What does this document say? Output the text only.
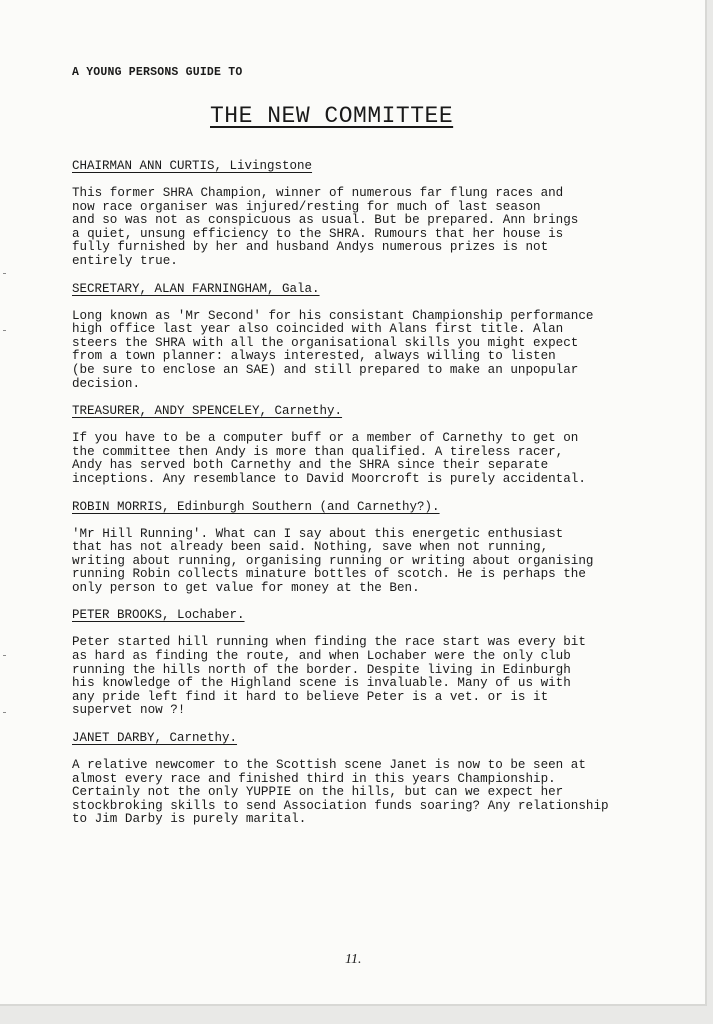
A YOUNG PERSONS GUIDE TO

THE NEW COMMITTEE

CHAIRMAN ANN CURTIS, Livingstone

This former SHRA Champion, winner of numerous far flung races and
now race organiser was injured/resting for much of last season
and so was not as conspicuous as usual. But be prepared. Ann brings
a quiet, unsung efficiency to the SHRA. Rumours that her house is
fully furnished by her and husband Andys numerous prizes is not
entirely true.

SECRETARY, ALAN FARNINGHAM, Gala.

Long known as 'Mr Second' for his consistant Championship performance
high office last year also coincided with Alans first title. Alan
steers the SHRA with all the organisational skills you might expect
from a town planner: always interested, always willing to listen
(be sure to enclose an SAE) and still prepared to make an unpopular
decision.

TREASURER, ANDY SPENCELEY, Carnethy.

If you have to be a computer buff or a member of Carnethy to get on
the committee then Andy is more than qualified. A tireless racer,
Andy has served both Carnethy and the SHRA since their separate
inceptions. Any resemblance to David Moorcroft is purely accidental.

ROBIN MORRIS, Edinburgh Southern (and Carnethy?).

'Mr Hill Running'. What can I say about this energetic enthusiast
that has not already been said. Nothing, save when not running,
writing about running, organising running or writing about organising
running Robin collects minature bottles of scotch. He is perhaps the
only person to get value for money at the Ben.

PETER BROOKS, Lochaber.

Peter started hill running when finding the race start was every bit
as hard as finding the route, and when Lochaber were the only club
running the hills north of the border. Despite living in Edinburgh
his knowledge of the Highland scene is invaluable. Many of us with
any pride left find it hard to believe Peter is a vet. or is it
supervet now ?!

JANET DARBY, Carnethy.

A relative newcomer to the Scottish scene Janet is now to be seen at
almost every race and finished third in this years Championship.
Certainly not the only YUPPIE on the hills, but can we expect her
stockbroking skills to send Association funds soaring? Any relationship
to Jim Darby is purely marital.

11.
